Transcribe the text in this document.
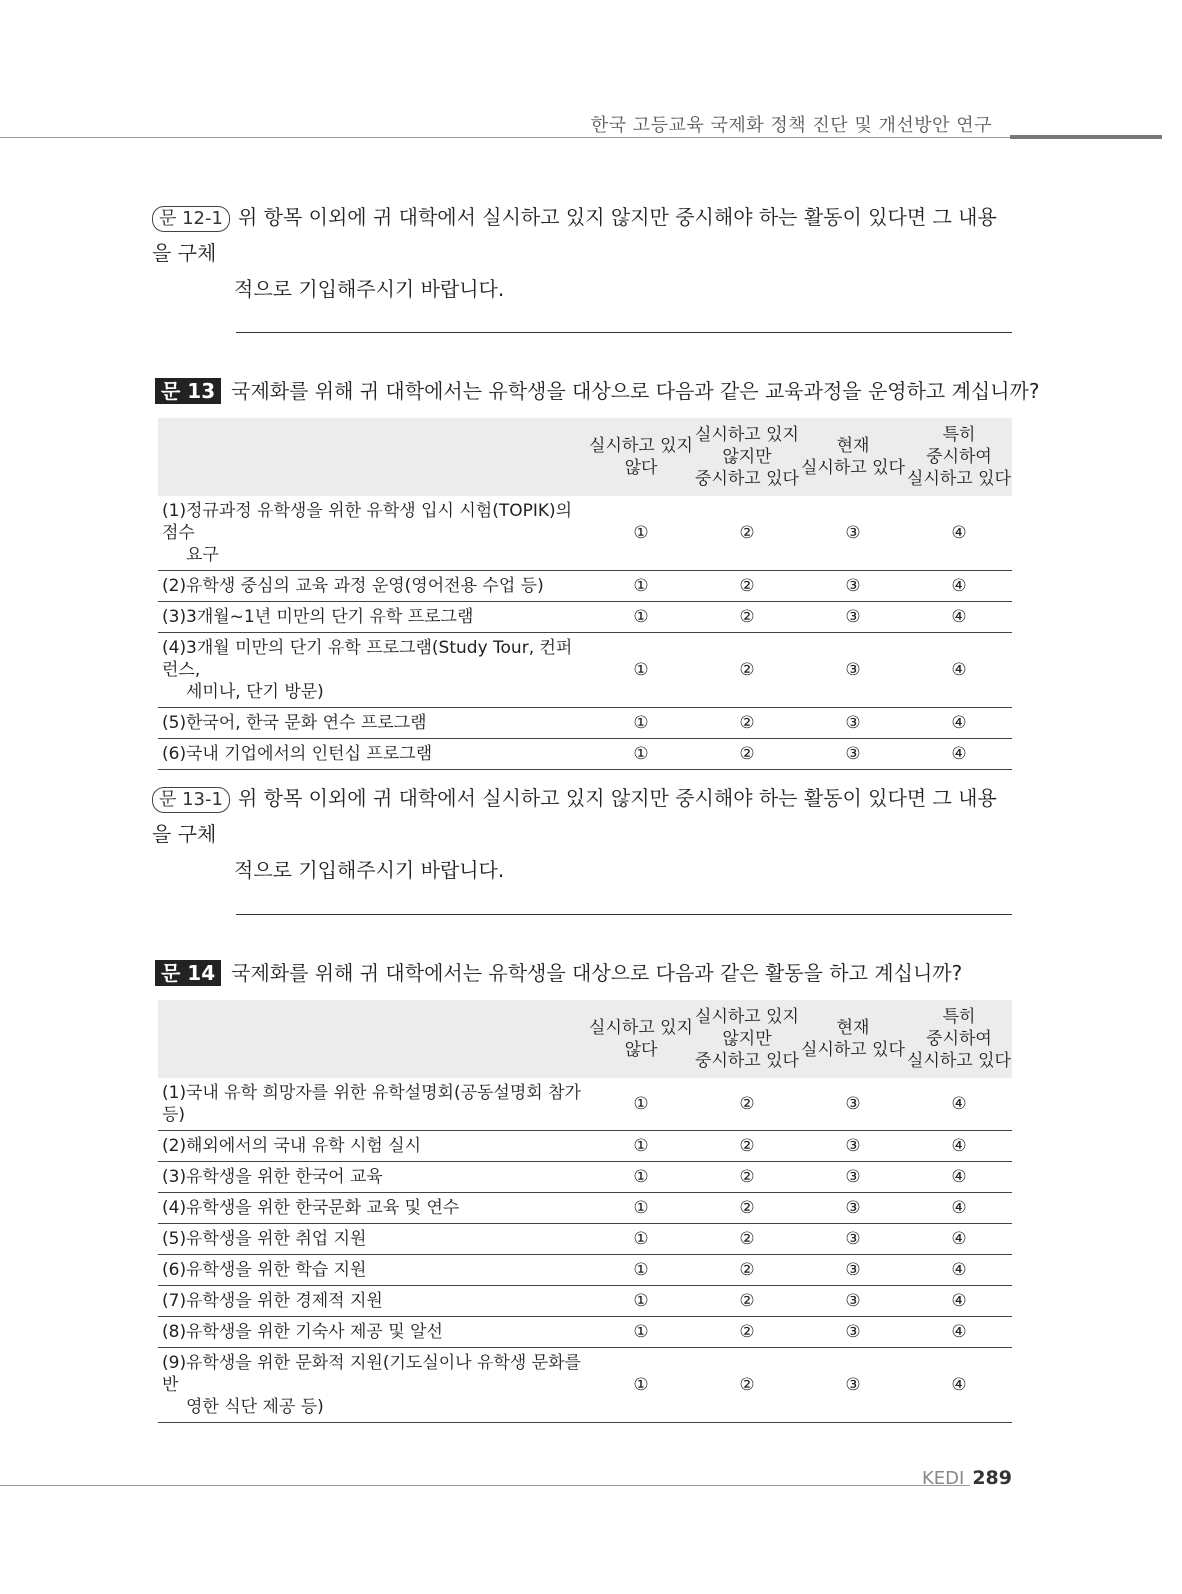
한국 고등교육 국제화 정책 진단 및 개선방안 연구
문 12-1 위 항목 이외에 귀 대학에서 실시하고 있지 않지만 중시해야 하는 활동이 있다면 그 내용을 구체
적으로 기입해주시기 바랍니다.
문 13 국제화를 위해 귀 대학에서는 유학생을 대상으로 다음과 같은 교육과정을 운영하고 계십니까?

	실시하고 있지
않다	실시하고 있지
않지만
중시하고 있다	현재
실시하고 있다	특히
중시하여
실시하고 있다

(1)정규과정 유학생을 위한 유학생 입시 시험(TOPIK)의 점수
요구	①	②	③	④
(2)유학생 중심의 교육 과정 운영(영어전용 수업 등)	①	②	③	④
(3)3개월~1년 미만의 단기 유학 프로그램	①	②	③	④
(4)3개월 미만의 단기 유학 프로그램(Study Tour, 컨퍼런스,
세미나, 단기 방문)	①	②	③	④
(5)한국어, 한국 문화 연수 프로그램	①	②	③	④
(6)국내 기업에서의 인턴십 프로그램	①	②	③	④
문 13-1 위 항목 이외에 귀 대학에서 실시하고 있지 않지만 중시해야 하는 활동이 있다면 그 내용을 구체
적으로 기입해주시기 바랍니다.
문 14 국제화를 위해 귀 대학에서는 유학생을 대상으로 다음과 같은 활동을 하고 계십니까?

	실시하고 있지
않다	실시하고 있지
않지만
중시하고 있다	현재
실시하고 있다	특히
중시하여
실시하고 있다

(1)국내 유학 희망자를 위한 유학설명회(공동설명회 참가 등)	①	②	③	④
(2)해외에서의 국내 유학 시험 실시	①	②	③	④
(3)유학생을 위한 한국어 교육	①	②	③	④
(4)유학생을 위한 한국문화 교육 및 연수	①	②	③	④
(5)유학생을 위한 취업 지원	①	②	③	④
(6)유학생을 위한 학습 지원	①	②	③	④
(7)유학생을 위한 경제적 지원	①	②	③	④
(8)유학생을 위한 기숙사 제공 및 알선	①	②	③	④
(9)유학생을 위한 문화적 지원(기도실이나 유학생 문화를 반
영한 식단 제공 등)	①	②	③	④
KEDI 289
